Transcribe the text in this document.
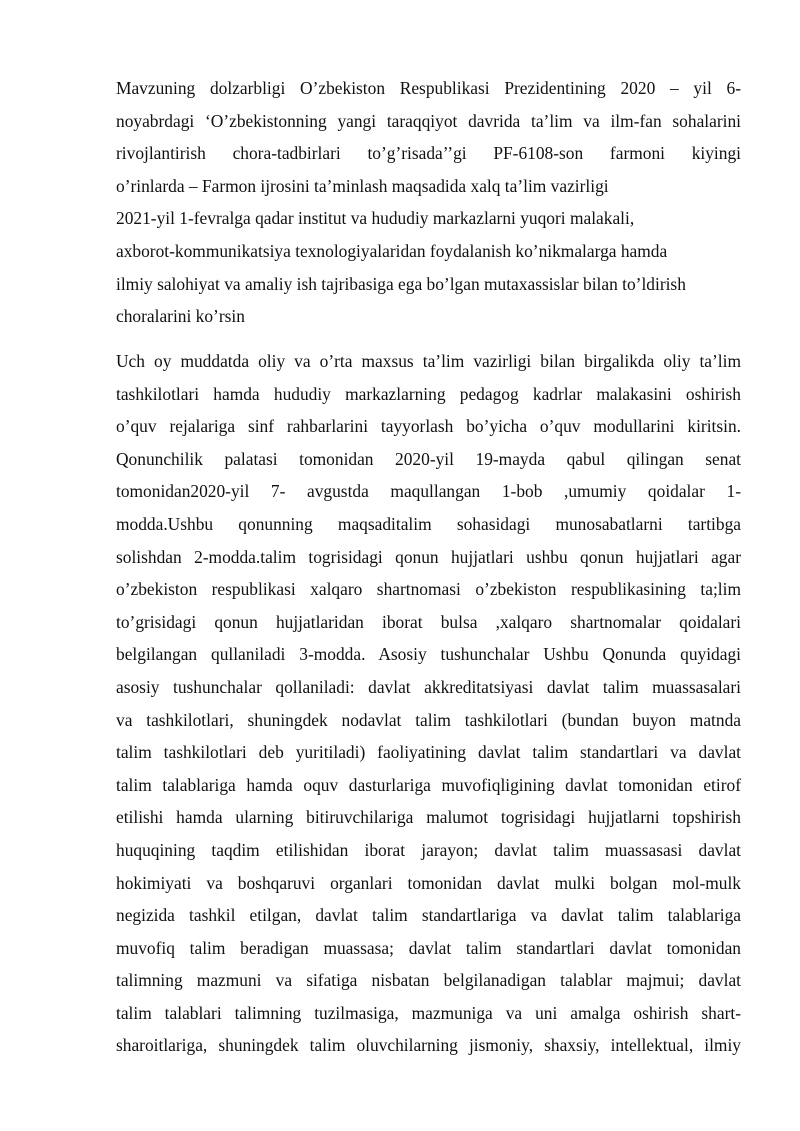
Mavzuning dolzarbligi O’zbekiston Respublikasi Prezidentining 2020 – yil 6-
noyabrdagi ‘O’zbekistonning yangi taraqqiyot davrida ta’lim va ilm-fan sohalarini
rivojlantirish chora-tadbirlari to’g’risada’’gi PF-6108-son farmoni kiyingi
o’rinlarda – Farmon ijrosini ta’minlash maqsadida xalq ta’lim vazirligi
2021-yil 1-fevralga qadar institut va hududiy markazlarni yuqori malakali,
axborot-kommunikatsiya texnologiyalaridan foydalanish ko’nikmalarga hamda
ilmiy salohiyat va amaliy ish tajribasiga ega bo’lgan mutaxassislar bilan to’ldirish
choralarini ko’rsin
Uch oy muddatda oliy va o’rta maxsus ta’lim vazirligi bilan birgalikda oliy ta’lim
tashkilotlari hamda hududiy markazlarning pedagog kadrlar malakasini oshirish
o’quv rejalariga sinf rahbarlarini tayyorlash bo’yicha o’quv modullarini kiritsin.
Qonunchilik palatasi tomonidan 2020-yil 19-mayda qabul qilingan senat
tomonidan2020-yil 7- avgustda maqullangan 1-bob ,umumiy qoidalar 1-
modda.Ushbu qonunning maqsaditalim sohasidagi munosabatlarni tartibga
solishdan 2-modda.talim togrisidagi qonun hujjatlari ushbu qonun hujjatlari agar
o’zbekiston respublikasi xalqaro shartnomasi o’zbekiston respublikasining ta;lim
to’grisidagi qonun hujjatlaridan iborat bulsa ,xalqaro shartnomalar qoidalari
belgilangan qullaniladi 3-modda. Asosiy tushunchalar Ushbu Qonunda quyidagi
asosiy tushunchalar qollaniladi: davlat akkreditatsiyasi davlat talim muassasalari
va tashkilotlari, shuningdek nodavlat talim tashkilotlari (bundan buyon matnda
talim tashkilotlari deb yuritiladi) faoliyatining davlat talim standartlari va davlat
talim talablariga hamda oquv dasturlariga muvofiqligining davlat tomonidan etirof
etilishi hamda ularning bitiruvchilariga malumot togrisidagi hujjatlarni topshirish
huquqining taqdim etilishidan iborat jarayon; davlat talim muassasasi davlat
hokimiyati va boshqaruvi organlari tomonidan davlat mulki bolgan mol-mulk
negizida tashkil etilgan, davlat talim standartlariga va davlat talim talablariga
muvofiq talim beradigan muassasa; davlat talim standartlari davlat tomonidan
talimning mazmuni va sifatiga nisbatan belgilanadigan talablar majmui; davlat
talim talablari talimning tuzilmasiga, mazmuniga va uni amalga oshirish shart-
sharoitlariga, shuningdek talim oluvchilarning jismoniy, shaxsiy, intellektual, ilmiy
